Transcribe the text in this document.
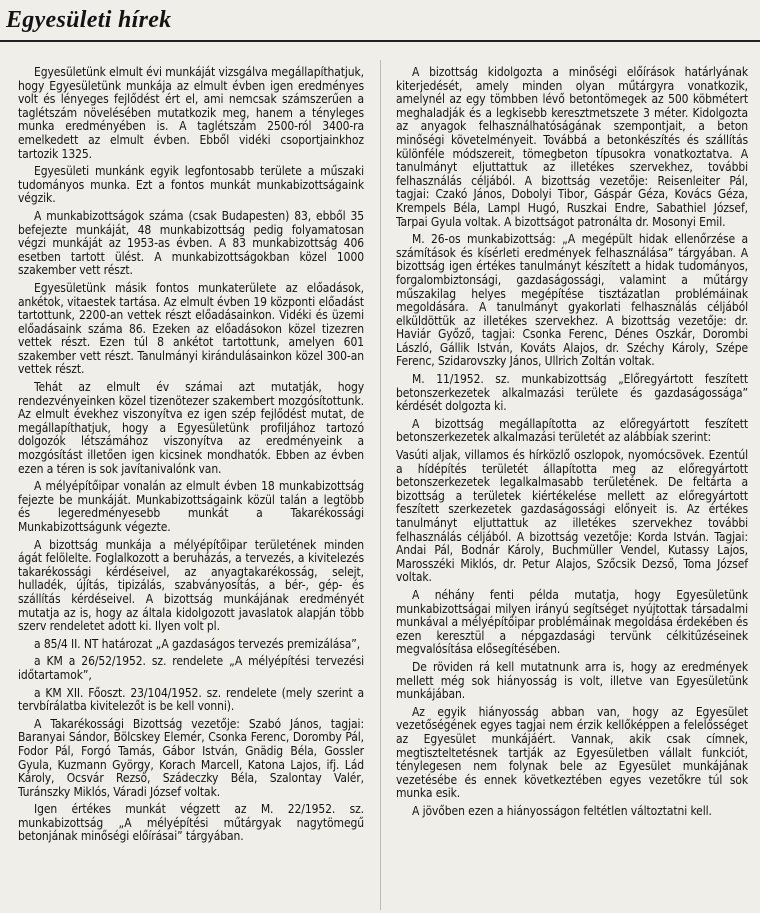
Egyesületi hírek

Egyesületünk elmult évi munkáját vizsgálva megállapíthatjuk, hogy Egyesületünk munkája az elmult évben igen eredményes volt és lényeges fejlődést ért el, ami nemcsak számszerűen a taglétszám növelésében mutatkozik meg, hanem a tényleges munka eredményében is. A taglétszám 2500-ról 3400-ra emelkedett az elmult évben. Ebből vidéki csoportjainkhoz tartozik 1325.

Egyesületi munkánk egyik legfontosabb területe a műszaki tudományos munka. Ezt a fontos munkát munkabizottságaink végzik.

A munkabizottságok száma (csak Budapesten) 83, ebből 35 befejezte munkáját, 48 munkabizottság pedig folyamatosan végzi munkáját az 1953-as évben. A 83 munkabizottság 406 esetben tartott ülést. A munkabizottságokban közel 1000 szakember vett részt.

Egyesületünk másik fontos munkaterülete az előadások, ankétok, vitaestek tartása. Az elmult évben 19 központi előadást tartottunk, 2200-an vettek részt előadásainkon. Vidéki és üzemi előadásaink száma 86. Ezeken az előadásokon közel tizezren vettek részt. Ezen túl 8 ankétot tartottunk, amelyen 601 szakember vett részt. Tanulmányi kirándulásainkon közel 300-an vettek részt.

Tehát az elmult év számai azt mutatják, hogy rendezvényeinken közel tizenötezer szakembert mozgósítottunk. Az elmult évekhez viszonyítva ez igen szép fejlődést mutat, de megállapíthatjuk, hogy a Egyesületünk profiljához tartozó dolgozók létszámához viszonyítva az eredményeink a mozgósítást illetően igen kicsinek mondhatók. Ebben az évben ezen a téren is sok javítanivalónk van.

A mélyépítőipar vonalán az elmult évben 18 munkabizottság fejezte be munkáját. Munkabizottságaink közül talán a legtöbb és legeredményesebb munkát a Takarékossági Munkabizottságunk végezte.

A bizottság munkája a mélyépítőipar területének minden ágát felölelte. Foglalkozott a beruházás, a tervezés, a kivitelezés takarékossági kérdéseivel, az anyagtakarékosság, selejt, hulladék, újítás, tipizálás, szabványosítás, a bér-, gép- és szállítás kérdéseivel. A bizottság munkájának eredményét mutatja az is, hogy az általa kidolgozott javaslatok alapján több szerv rendeletet adott ki. Ilyen volt pl.

a 85/4 II. NT határozat „A gazdaságos tervezés premizálása”,

a KM a 26/52/1952. sz. rendelete „A mélyépítési tervezési időtartamok”,

a KM XII. Főoszt. 23/104/1952. sz. rendelete (mely szerint a tervbírálatba kivitelezőt is be kell vonni).

A Takarékossági Bizottság vezetője: Szabó János, tagjai: Baranyai Sándor, Bölcskey Elemér, Csonka Ferenc, Doromby Pál, Fodor Pál, Forgó Tamás, Gábor István, Gnädig Béla, Gossler Gyula, Kuzmann György, Korach Marcell, Katona Lajos, ifj. Lád Károly, Ocsvár Rezső, Szádeczky Béla, Szalontay Valér, Turánszky Miklós, Váradi József voltak.

Igen értékes munkát végzett az M. 22/1952. sz. munkabizottság „A mélyépítési műtárgyak nagytömegű betonjának minőségi előírásai” tárgyában.

A bizottság kidolgozta a minőségi előírások határlyának kiterjedését, amely minden olyan műtárgyra vonatkozik, amelynél az egy tömbben lévő betontömegek az 500 köbmétert meghaladják és a legkisebb keresztmetszete 3 méter. Kidolgozta az anyagok felhasználhatóságának szempontjait, a beton minőségi követelményeit. Továbbá a betonkészítés és szállítás különféle módszereit, tömegbeton típusokra vonatkoztatva. A tanulmányt eljuttattuk az illetékes szervekhez, további felhasználás céljából. A bizottság vezetője: Reisenleiter Pál, tagjai: Czakó János, Dobolyi Tibor, Gáspár Géza, Kovács Géza, Krempels Béla, Lampl Hugó, Ruszkai Endre, Sabathiel József, Tarpai Gyula voltak. A bizottságot patronálta dr. Mosonyi Emil.

M. 26-os munkabizottság: „A megépült hidak ellenőrzése a számítások és kísérleti eredmények felhasználása” tárgyában. A bizottság igen értékes tanulmányt készített a hidak tudományos, forgalombiztonsági, gazdaságossági, valamint a műtárgy műszakilag helyes megépítése tisztázatlan problémáinak megoldására. A tanulmányt gyakorlati felhasználás céljából elküldöttük az illetékes szervekhez. A bizottság vezetője: dr. Haviár Győző, tagjai: Csonka Ferenc, Dénes Oszkár, Dorombi László, Gállik István, Kováts Alajos, dr. Széchy Károly, Szépe Ferenc, Szidarovszky János, Ullrich Zoltán voltak.

M. 11/1952. sz. munkabizottság „Előregyártott feszített betonszerkezetek alkalmazási területe és gazdaságossága” kérdését dolgozta ki.

A bizottság megállapította az előregyártott feszített betonszerkezetek alkalmazási területét az alábbiak szerint:

Vasúti aljak, villamos és hírközlő oszlopok, nyomócsövek. Ezentúl a hídépítés területét állapította meg az előregyártott betonszerkezetek legalkalmasabb területének. De feltárta a bizottság a területek kiértékelése mellett az előregyártott feszített szerkezetek gazdaságossági előnyeit is. Az értékes tanulmányt eljuttattuk az illetékes szervekhez további felhasználás céljából. A bizottság vezetője: Korda István. Tagjai: Andai Pál, Bodnár Károly, Buchmüller Vendel, Kutassy Lajos, Marosszéki Miklós, dr. Petur Alajos, Szőcsik Dezső, Toma József voltak.

A néhány fenti példa mutatja, hogy Egyesületünk munkabizottságai milyen irányú segítséget nyújtottak társadalmi munkával a mélyépítőipar problémáinak megoldása érdekében és ezen keresztül a népgazdasági tervünk célkitűzéseinek megvalósítása elősegítésében.

De röviden rá kell mutatnunk arra is, hogy az eredmények mellett még sok hiányosság is volt, illetve van Egyesületünk munkájában.

Az egyik hiányosság abban van, hogy az Egyesület vezetőségének egyes tagjai nem érzik kellőképpen a felelősséget az Egyesület munkájáért. Vannak, akik csak címnek, megtiszteltetésnek tartják az Egyesületben vállalt funkciót, ténylegesen nem folynak bele az Egyesület munkájának vezetésébe és ennek következtében egyes vezetőkre túl sok munka esik.

A jövőben ezen a hiányosságon feltétlen változtatni kell.
